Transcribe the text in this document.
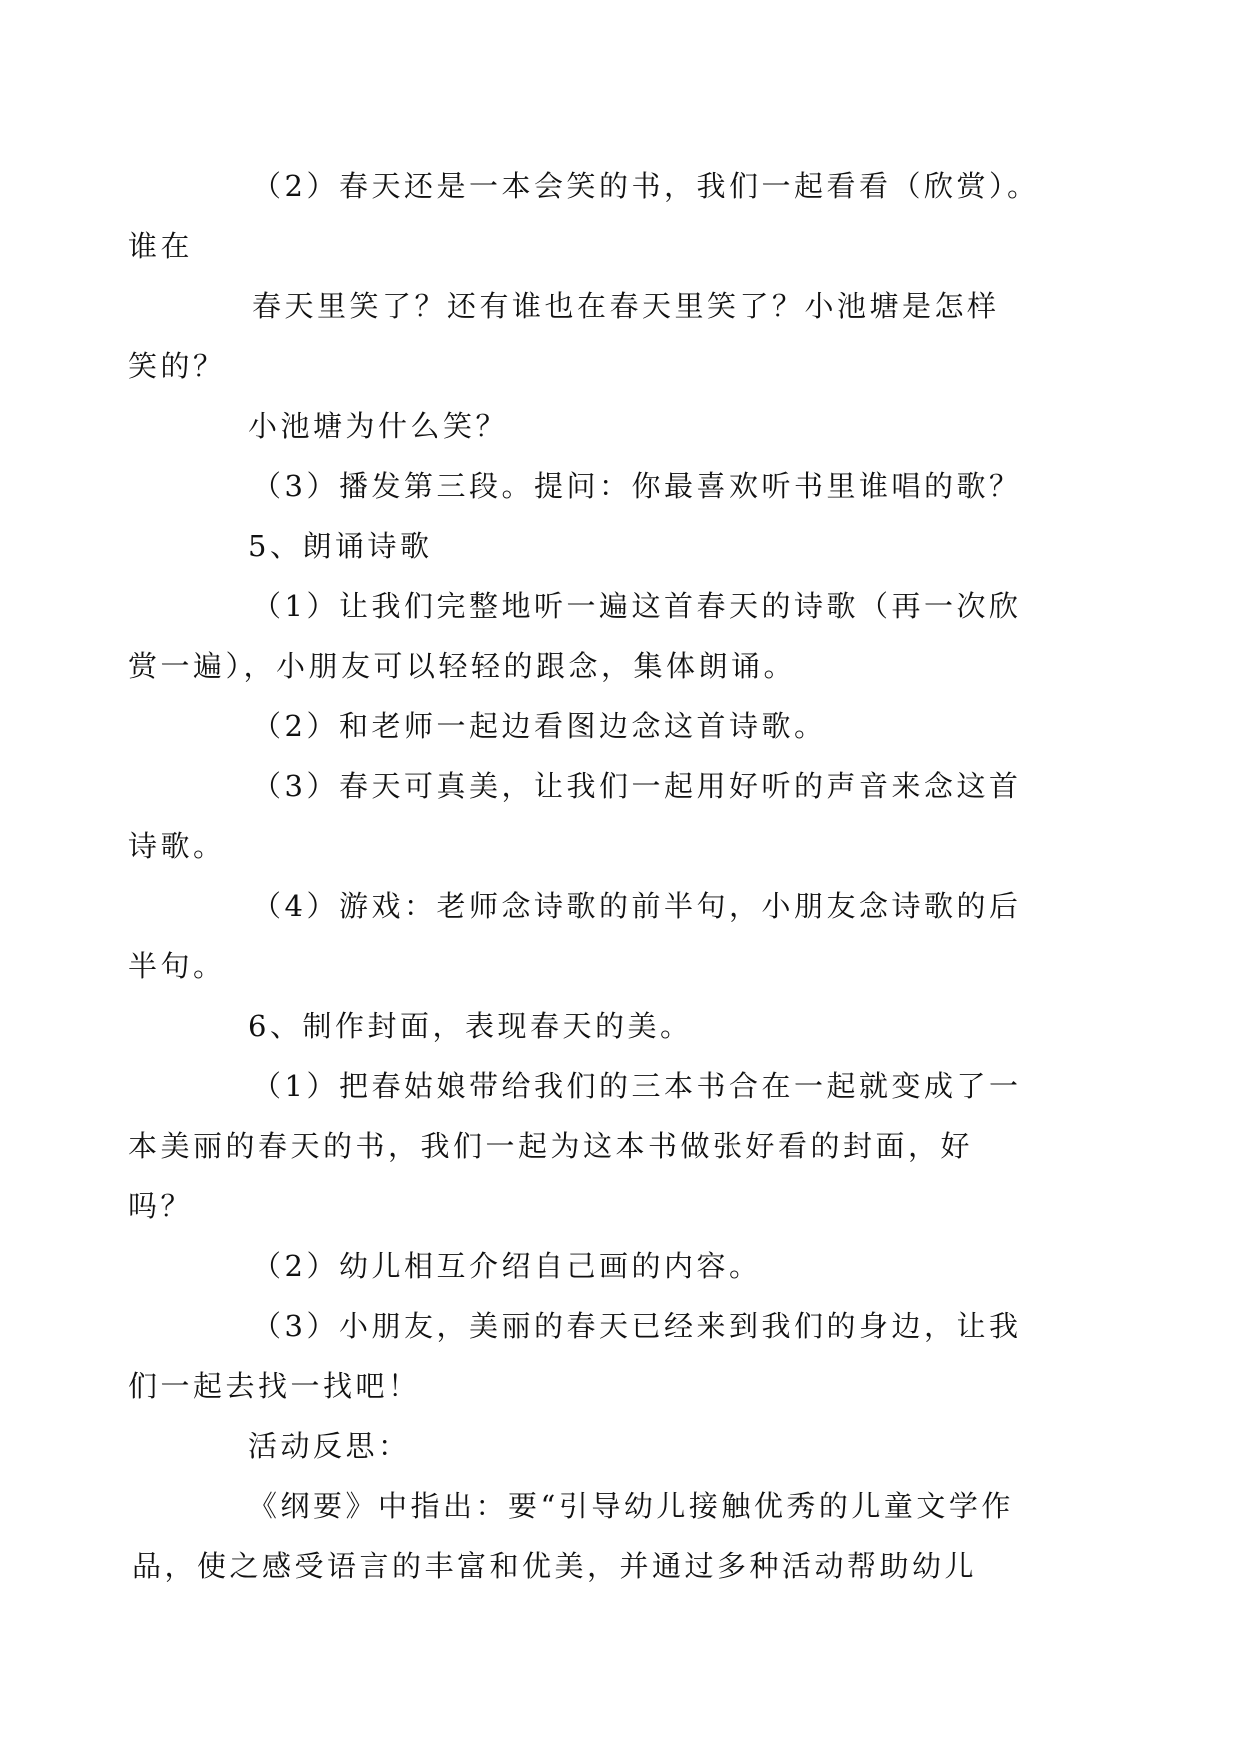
（2）春天还是一本会笑的书，我们一起看看（欣赏）。
谁在

春天里笑了？还有谁也在春天里笑了？小池塘是怎样
笑的？

小池塘为什么笑？

（3）播发第三段。提问：你最喜欢听书里谁唱的歌？

5、朗诵诗歌

（1）让我们完整地听一遍这首春天的诗歌（再一次欣
赏一遍），小朋友可以轻轻的跟念，集体朗诵。

（2）和老师一起边看图边念这首诗歌。

（3）春天可真美，让我们一起用好听的声音来念这首
诗歌。

（4）游戏：老师念诗歌的前半句，小朋友念诗歌的后
半句。

6、制作封面，表现春天的美。

（1）把春姑娘带给我们的三本书合在一起就变成了一
本美丽的春天的书，我们一起为这本书做张好看的封面，好
吗？

（2）幼儿相互介绍自己画的内容。

（3）小朋友，美丽的春天已经来到我们的身边，让我
们一起去找一找吧！

活动反思：

《纲要》中指出：要“引导幼儿接触优秀的儿童文学作
品，使之感受语言的丰富和优美，并通过多种活动帮助幼儿
